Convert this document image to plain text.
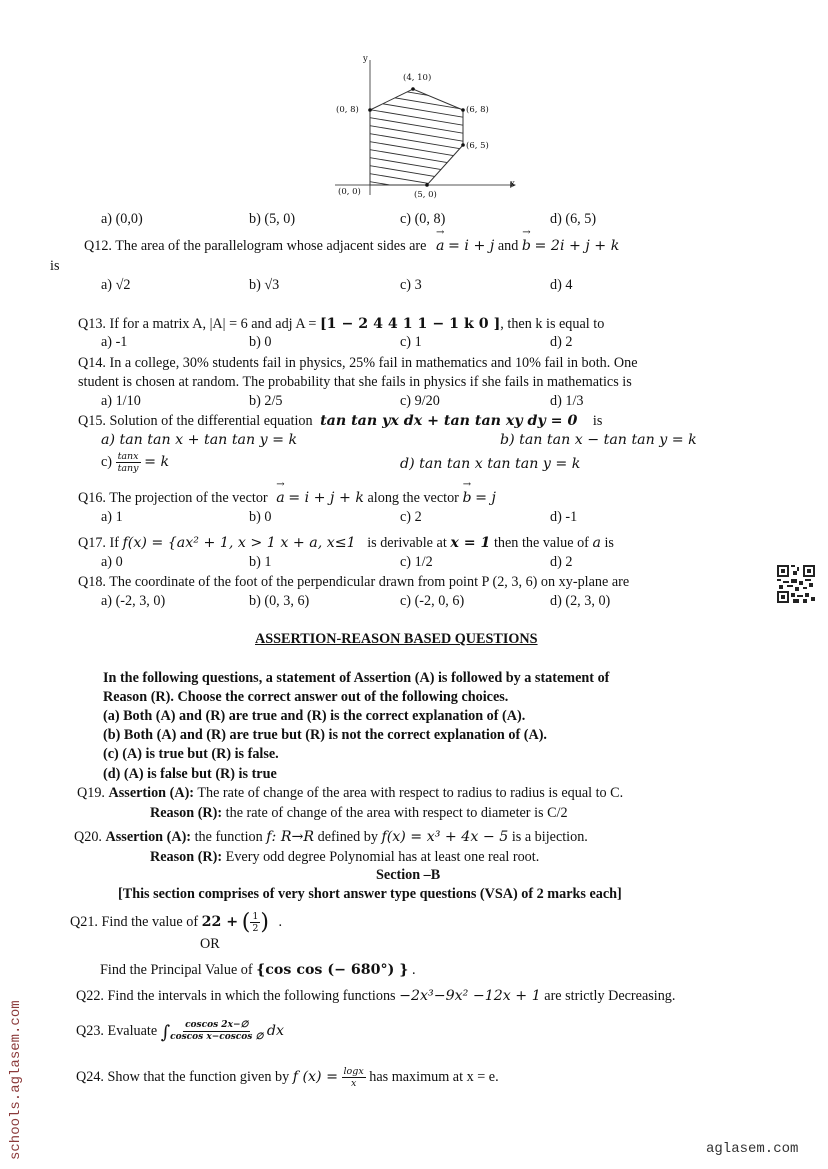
y
x
(4, 10)
(0, 8)	(6, 8)
(6, 5)
(0, 0)	(5, 0)
a) (0,0)	b) (5, 0)	c) (0, 8)	d) (6, 5)
Q12. The area of the parallelogram whose adjacent sides are
→
a = i + j and
→
b = 2i + j + k
is
a) √2	b) √3	c) 3	d) 4
Q13. If for a matrix A, |A| = 6 and adj A = [1 − 2 4 4 1 1 − 1 k 0 ], then k is equal to
a) -1	b) 0	c) 1	d) 2
Q14. In a college, 30% students fail in physics, 25% fail in mathematics and 10% fail in both. One
student is chosen at random. The probability that she fails in physics if she fails in mathematics is
a) 1/10	b) 2/5	c) 9/20	d) 1/3
Q15. Solution of the differential equation tan tan yx dx + tan tan xy dy = 0 is
a) tan tan x + tan tan y = k	b) tan tan x − tan tan y = k
$c) \frac{\tan x}{\tan y} = k$	d) tan tan x tan tan y = k
Q16. The projection of the vector
→
a = i + j + k along the vector
→
b = j
a) 1	b) 0	c) 2	d) -1
Q17. If f(x) = {ax² + 1, x > 1 x + a, x≤1 is derivable at x = 1 then the value of a is
a) 0	b) 1	c) 1/2	d) 2
Q18. The coordinate of the foot of the perpendicular drawn from point P (2, 3, 6) on xy-plane are
a) (-2, 3, 0)	b) (0, 3, 6)	c) (-2, 0, 6)	d) (2, 3, 0)
ASSERTION-REASON BASED QUESTIONS
In the following questions, a statement of Assertion (A) is followed by a statement of
Reason (R). Choose the correct answer out of the following choices.
(a) Both (A) and (R) are true and (R) is the correct explanation of (A).
(b) Both (A) and (R) are true but (R) is not the correct explanation of (A).
(c) (A) is true but (R) is false.
(d) (A) is false but (R) is true
Q19. Assertion (A): The rate of change of the area with respect to radius to radius is equal to C.
Reason (R): the rate of change of the area with respect to diameter is C/2
Q20. Assertion (A): the function f: R→R defined by f(x) = x³ + 4x − 5 is a bijection.
Reason (R): Every odd degree Polynomial has at least one real root.
Section –B
[This section comprises of very short answer type questions (VSA) of 2 marks each]
Q21. Find the value of 22 + ( $\frac{1}{2}$ ) .
OR
Find the Principal Value of {cos cos (− 680°) } .
Q22. Find the intervals in which the following functions −2x³−9x² −12x + 1 are strictly Decreasing.
Q23. Evaluate ∫ $\frac{\text{coscos 2x−∅}}{\text{coscos x−coscos ∅}}$ dx
Q24. Show that the function given by f $(x) = \frac{\log x}{x}$ has maximum at x = e.
schools.aglasem.com	aglasem.com
